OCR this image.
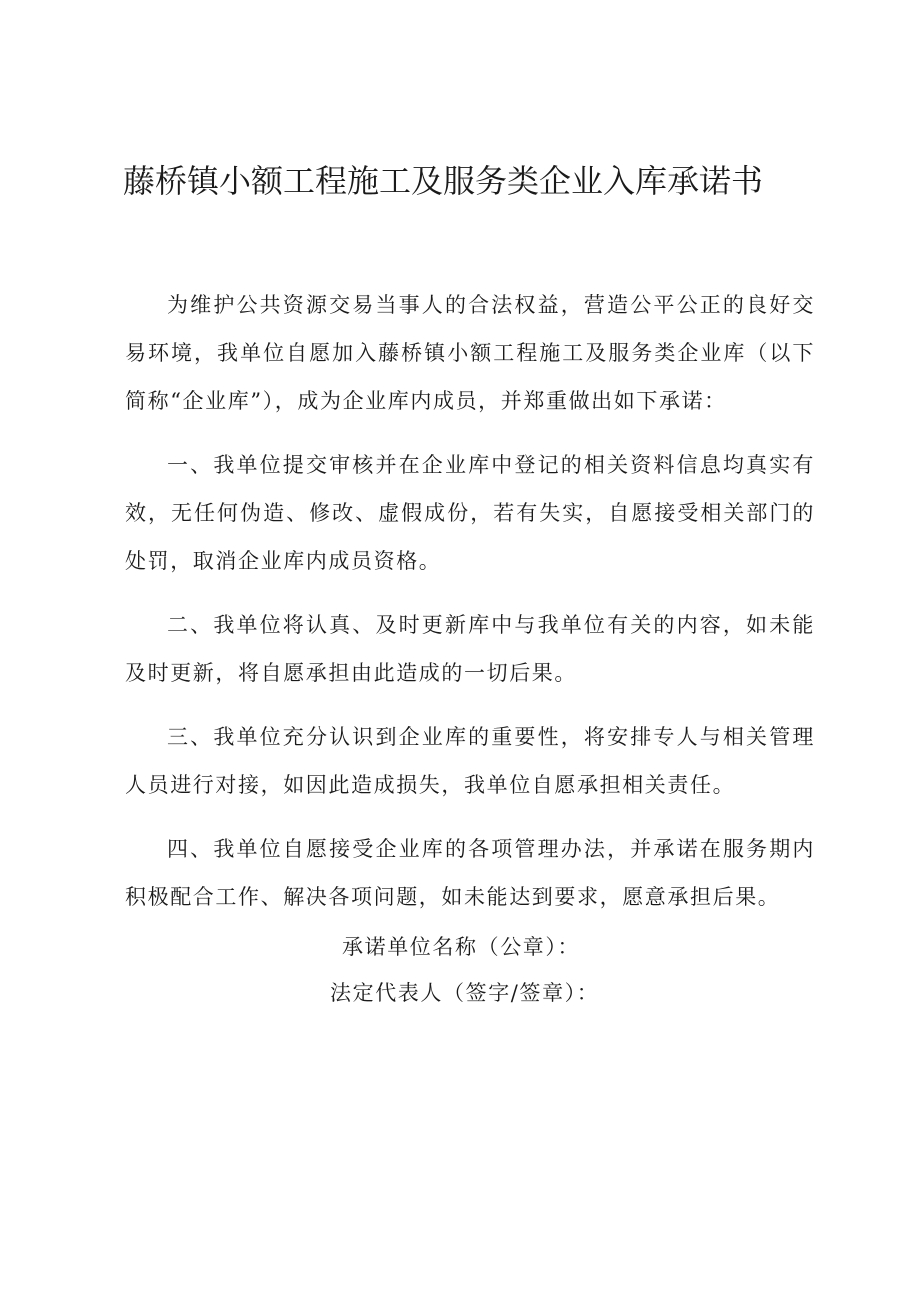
藤桥镇小额工程施工及服务类企业入库承诺书

为维护公共资源交易当事人的合法权益，营造公平公正的良好交易环境，我单位自愿加入藤桥镇小额工程施工及服务类企业库（以下简称“企业库”），成为企业库内成员，并郑重做出如下承诺：

一、我单位提交审核并在企业库中登记的相关资料信息均真实有效，无任何伪造、修改、虚假成份，若有失实，自愿接受相关部门的处罚，取消企业库内成员资格。

二、我单位将认真、及时更新库中与我单位有关的内容，如未能及时更新，将自愿承担由此造成的一切后果。

三、我单位充分认识到企业库的重要性，将安排专人与相关管理人员进行对接，如因此造成损失，我单位自愿承担相关责任。

四、我单位自愿接受企业库的各项管理办法，并承诺在服务期内积极配合工作、解决各项问题，如未能达到要求，愿意承担后果。

承诺单位名称（公章）：
法定代表人（签字/签章）：
